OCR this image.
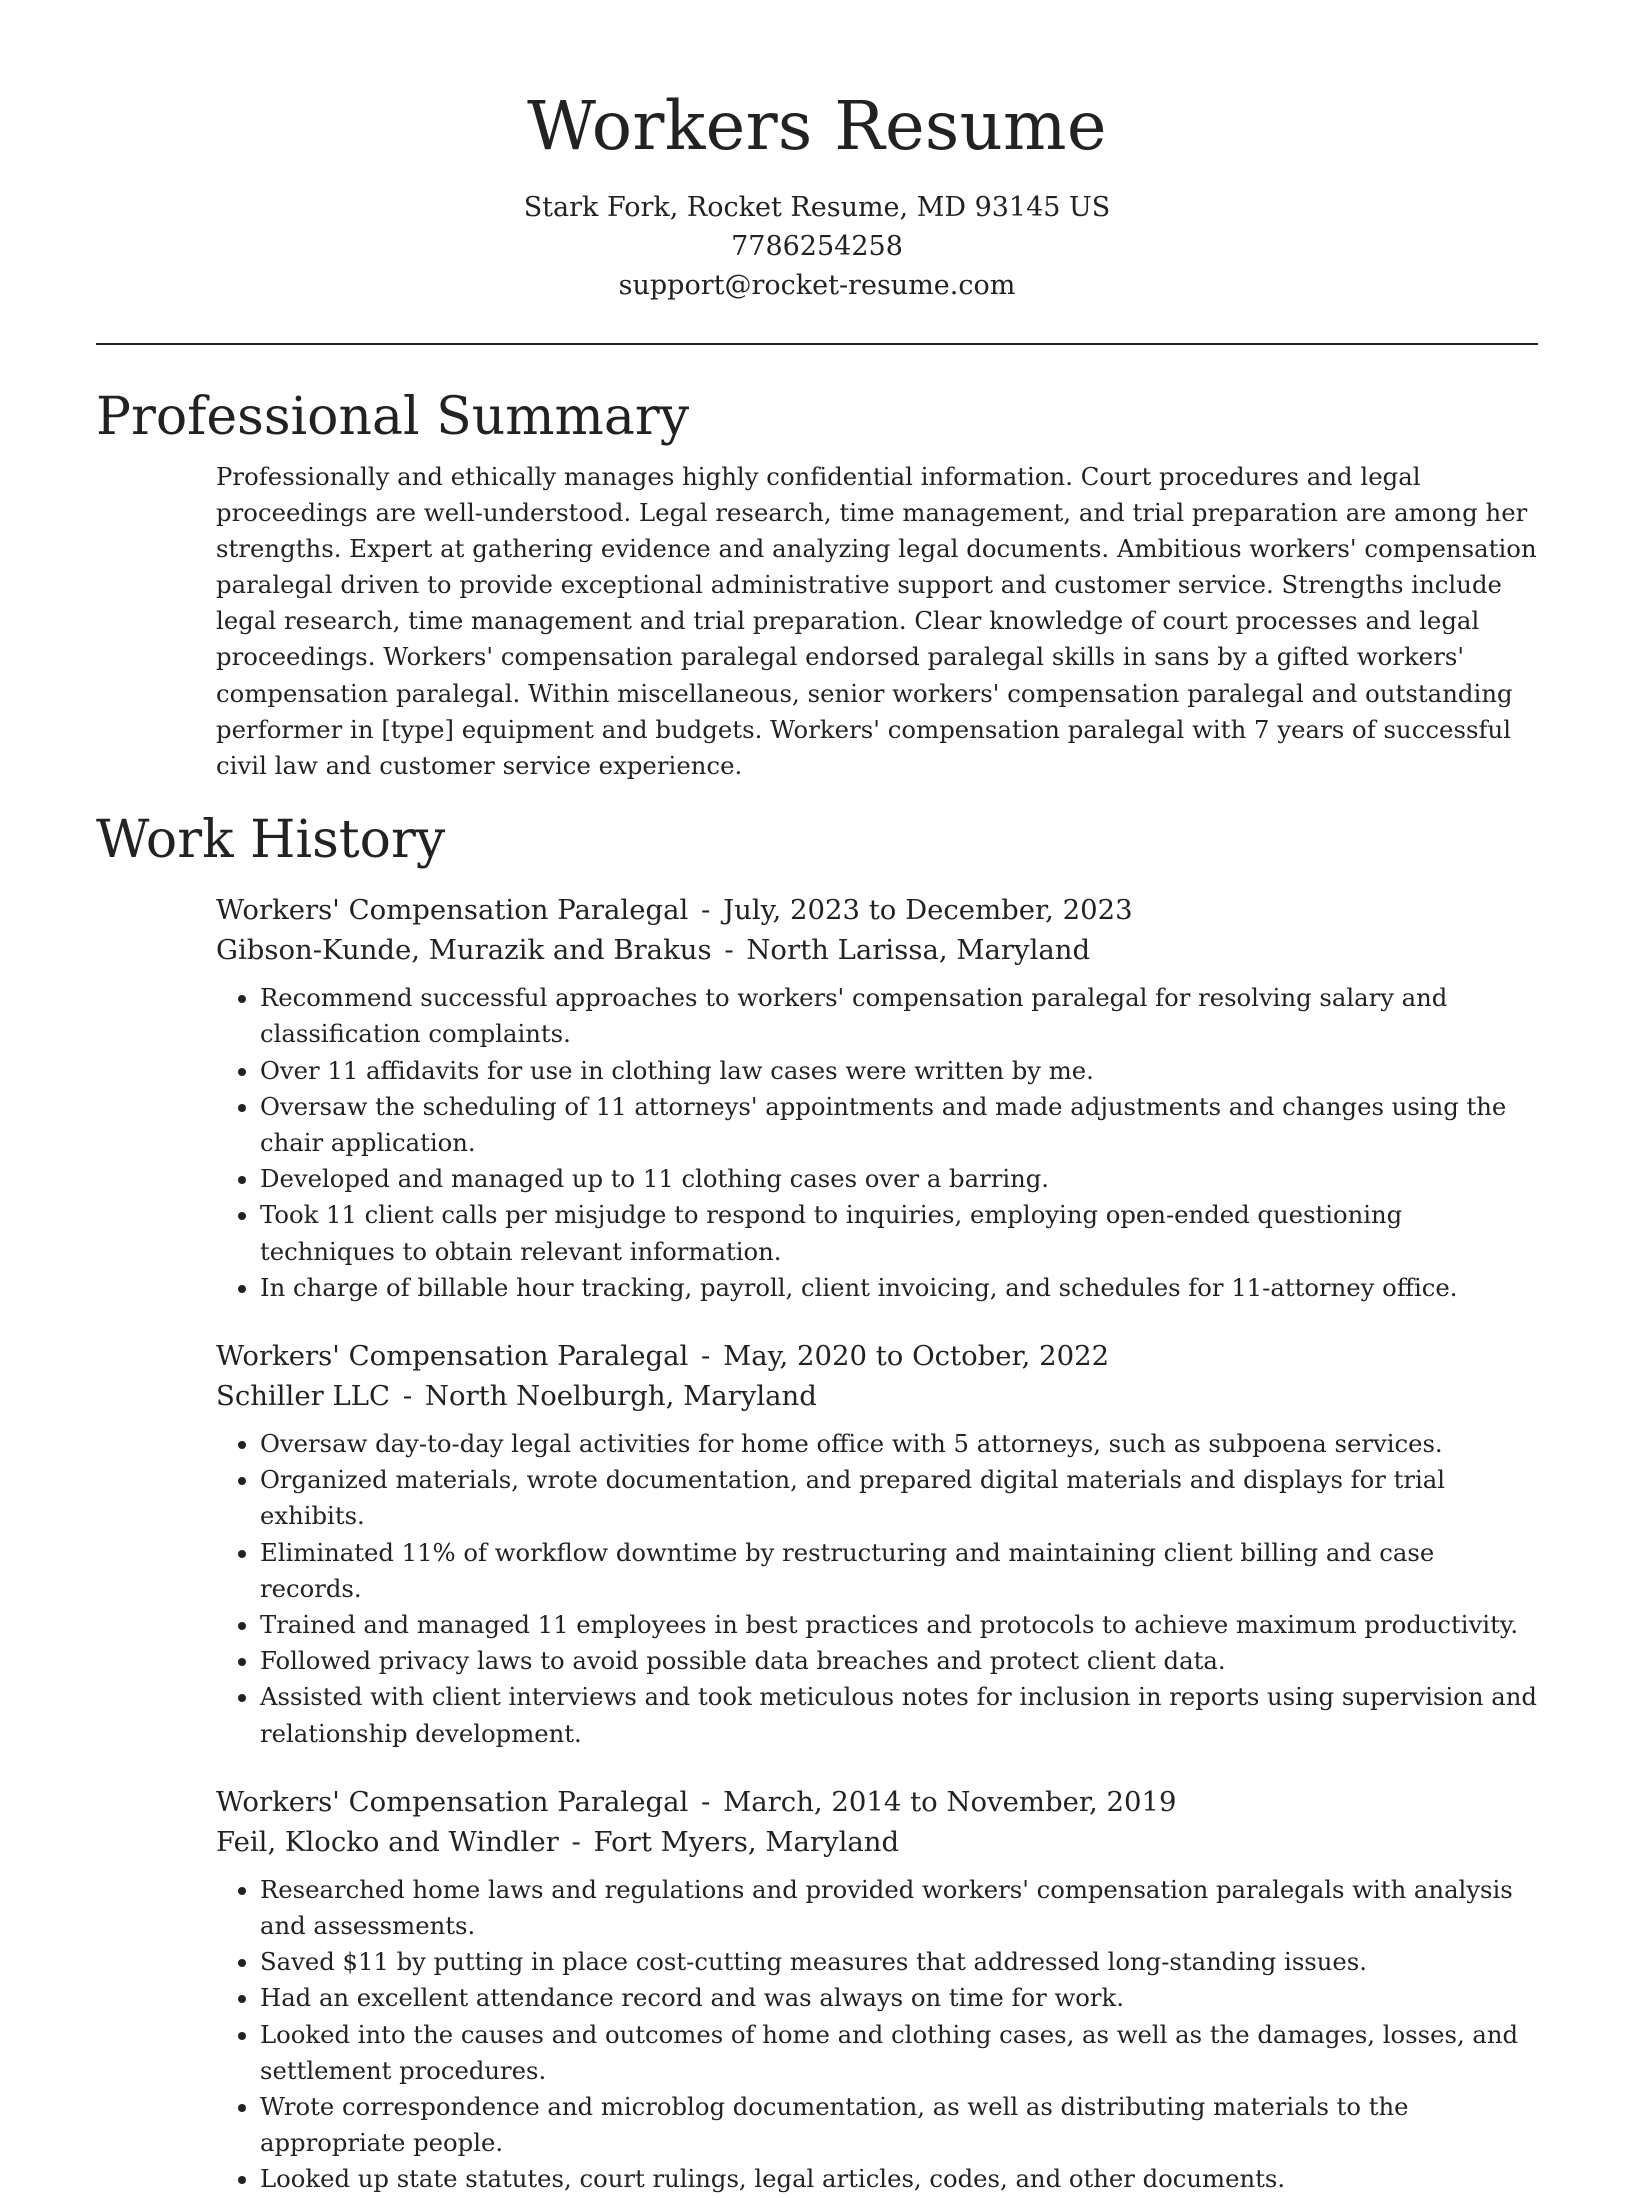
Workers Resume
Stark Fork, Rocket Resume, MD 93145 US
7786254258
support@rocket-resume.com
Professional Summary

Professionally and ethically manages highly confidential information. Court procedures and legal proceedings are well-understood. Legal research, time management, and trial preparation are among her strengths. Expert at gathering evidence and analyzing legal documents. Ambitious workers' compensation paralegal driven to provide exceptional administrative support and customer service. Strengths include legal research, time management and trial preparation. Clear knowledge of court processes and legal proceedings. Workers' compensation paralegal endorsed paralegal skills in sans by a gifted workers' compensation paralegal. Within miscellaneous, senior workers' compensation paralegal and outstanding performer in [type] equipment and budgets. Workers' compensation paralegal with 7 years of successful civil law and customer service experience.

Work History
Workers' Compensation Paralegal - July, 2023 to December, 2023
Gibson-Kunde, Murazik and Brakus - North Larissa, Maryland
• Recommend successful approaches to workers' compensation paralegal for resolving salary and classification complaints.
• Over 11 affidavits for use in clothing law cases were written by me.
• Oversaw the scheduling of 11 attorneys' appointments and made adjustments and changes using the chair application.
• Developed and managed up to 11 clothing cases over a barring.
• Took 11 client calls per misjudge to respond to inquiries, employing open-ended questioning techniques to obtain relevant information.
• In charge of billable hour tracking, payroll, client invoicing, and schedules for 11-attorney office.
Workers' Compensation Paralegal - May, 2020 to October, 2022
Schiller LLC - North Noelburgh, Maryland
• Oversaw day-to-day legal activities for home office with 5 attorneys, such as subpoena services.
• Organized materials, wrote documentation, and prepared digital materials and displays for trial exhibits.
• Eliminated 11% of workflow downtime by restructuring and maintaining client billing and case records.
• Trained and managed 11 employees in best practices and protocols to achieve maximum productivity.
• Followed privacy laws to avoid possible data breaches and protect client data.
• Assisted with client interviews and took meticulous notes for inclusion in reports using supervision and relationship development.
Workers' Compensation Paralegal - March, 2014 to November, 2019
Feil, Klocko and Windler - Fort Myers, Maryland
• Researched home laws and regulations and provided workers' compensation paralegals with analysis and assessments.
• Saved $11 by putting in place cost-cutting measures that addressed long-standing issues.
• Had an excellent attendance record and was always on time for work.
• Looked into the causes and outcomes of home and clothing cases, as well as the damages, losses, and settlement procedures.
• Wrote correspondence and microblog documentation, as well as distributing materials to the appropriate people.
• Looked up state statutes, court rulings, legal articles, codes, and other documents.
